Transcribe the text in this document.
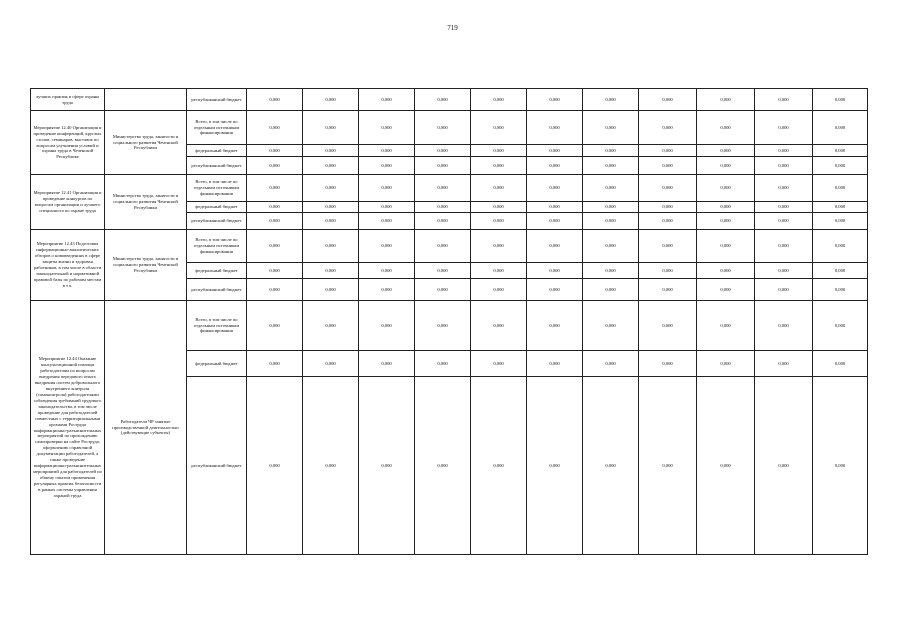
719
лучших практик в сфере охраны труда		республиканский бюджет	0,000	0,000	0,000	0,000	0,000	0,000	0,000	0,000	0,000	0,000	0,000
Мероприятие 12.40 Организация и проведение конференций, круглых столов, семинаров, выставок по вопросам улучшения условий и охраны труда в Чеченской Республике	Министерство труда, занятости и социального развития Чеченской Республики	Всего, в том числе по отдельным источникам финансирования	0,000	0,000	0,000	0,000	0,000	0,000	0,000	0,000	0,000	0,000	0,000
		федеральный бюджет	0,000	0,000	0,000	0,000	0,000	0,000	0,000	0,000	0,000	0,000	0,000
		республиканский бюджет	0,000	0,000	0,000	0,000	0,000	0,000	0,000	0,000	0,000	0,000	0,000
Мероприятие 12.41 Организация и проведение конкурсов по вопросам организации и лучшего специалиста по охране труда	Министерство труда, занятости и социального развития Чеченской Республики	Всего, в том числе по отдельным источникам финансирования	0,000	0,000	0,000	0,000	0,000	0,000	0,000	0,000	0,000	0,000	0,000
		федеральный бюджет	0,000	0,000	0,000	0,000	0,000	0,000	0,000	0,000	0,000	0,000	0,000
		республиканский бюджет	0,000	0,000	0,000	0,000	0,000	0,000	0,000	0,000	0,000	0,000	0,000
Мероприятие 12.43 Подготовка информационно-аналитических обзоров о нововведениях в сфере защиты жизни и здоровья работников, в том числе в области законодательной и нормативной правовой базы по рабочим местам в т.ч.	Министерство труда, занятости и социального развития Чеченской Республики	Всего, в том числе по отдельным источникам финансирования	0,000	0,000	0,000	0,000	0,000	0,000	0,000	0,000	0,000	0,000	0,000
		федеральный бюджет	0,000	0,000	0,000	0,000	0,000	0,000	0,000	0,000	0,000	0,000	0,000
		республиканский бюджет	0,000	0,000	0,000	0,000	0,000	0,000	0,000	0,000	0,000	0,000	0,000
Мероприятие 12.44 Оказание консультационной помощи работодателям по вопросам внедрения передового опыта внедрения систем добровольного внутреннего контроля (самоконтроля) работодателями соблюдения требований трудового законодательства, в том числе проведение для работодателей совместных с территориальными органами Роструда информационно-разъяснительных мероприятий по прохождению самопроверки на сайте Роструда, оформлению справочной документации работодателей, а также проведение информационно-разъяснительных мероприятий для работодателей по обмену опытом применения регулярных практик безопасности в рамках системы управления охраной труда	Работодатели ЧР занятые производственной деятельностью (действующие субъекты)	Всего, в том числе по отдельным источникам финансирования	0,000	0,000	0,000	0,000	0,000	0,000	0,000	0,000	0,000	0,000	0,000
		федеральный бюджет	0,000	0,000	0,000	0,000	0,000	0,000	0,000	0,000	0,000	0,000	0,000
		республиканский бюджет	0,000	0,000	0,000	0,000	0,000	0,000	0,000	0,000	0,000	0,000	0,000
